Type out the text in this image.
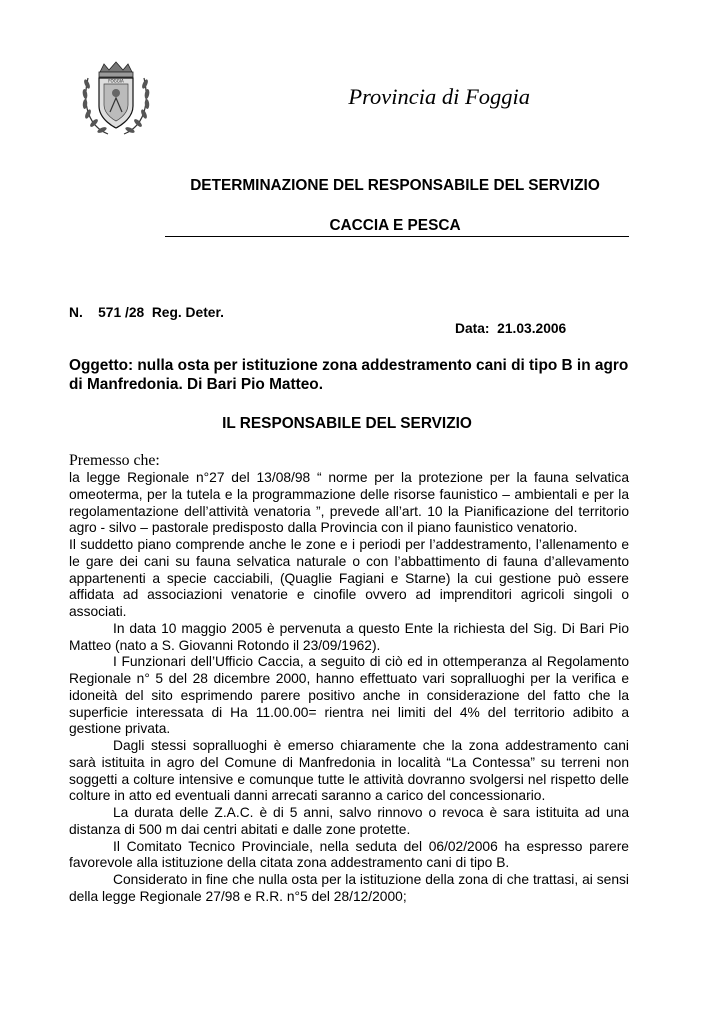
FOGGIA
Provincia di Foggia
DETERMINAZIONE DEL RESPONSABILE DEL SERVIZIO
CACCIA E PESCA
N.    571 /28  Reg. Deter.
Data:  21.03.2006
Oggetto: nulla osta per istituzione zona addestramento cani di tipo B in agro di Manfredonia. Di Bari Pio Matteo.
IL RESPONSABILE DEL SERVIZIO
Premesso che:

la legge Regionale n°27 del 13/08/98 “ norme per la protezione per la fauna selvatica omeoterma, per la tutela e la programmazione delle risorse faunistico – ambientali e per la regolamentazione dell’attività venatoria ”, prevede all’art. 10 la Pianificazione del territorio agro - silvo – pastorale predisposto dalla Provincia con il piano faunistico venatorio.

Il suddetto piano comprende anche le zone e i periodi per l’addestramento, l’allenamento e le gare dei cani su fauna selvatica naturale o con l’abbattimento di fauna d’allevamento appartenenti a specie cacciabili, (Quaglie Fagiani e Starne) la cui gestione può essere affidata ad associazioni venatorie e cinofile ovvero ad imprenditori agricoli singoli o associati.

In data 10 maggio 2005 è pervenuta a questo Ente la richiesta del Sig. Di Bari Pio Matteo (nato a S. Giovanni Rotondo il 23/09/1962).

I Funzionari dell’Ufficio Caccia, a seguito di ciò ed in ottemperanza al Regolamento Regionale n° 5 del 28 dicembre 2000, hanno effettuato vari sopralluoghi per la verifica e idoneità del sito esprimendo parere positivo anche in considerazione del fatto che la superficie interessata di Ha 11.00.00= rientra nei limiti del 4% del territorio adibito a gestione privata.

Dagli stessi sopralluoghi è emerso chiaramente che la zona addestramento cani sarà istituita in agro del Comune di Manfredonia in località “La Contessa” su terreni non soggetti a colture intensive e comunque tutte le attività dovranno svolgersi nel rispetto delle colture in atto ed eventuali danni arrecati saranno a carico del concessionario.

La durata delle Z.A.C. è di 5 anni, salvo rinnovo o revoca è sara istituita ad una distanza di 500 m dai centri abitati e dalle zone protette.

Il Comitato Tecnico Provinciale, nella seduta del 06/02/2006 ha espresso parere favorevole alla istituzione della citata zona addestramento cani di tipo B.

Considerato in fine che nulla osta per la istituzione della zona di che trattasi, ai sensi della legge Regionale 27/98 e R.R. n°5 del 28/12/2000;
